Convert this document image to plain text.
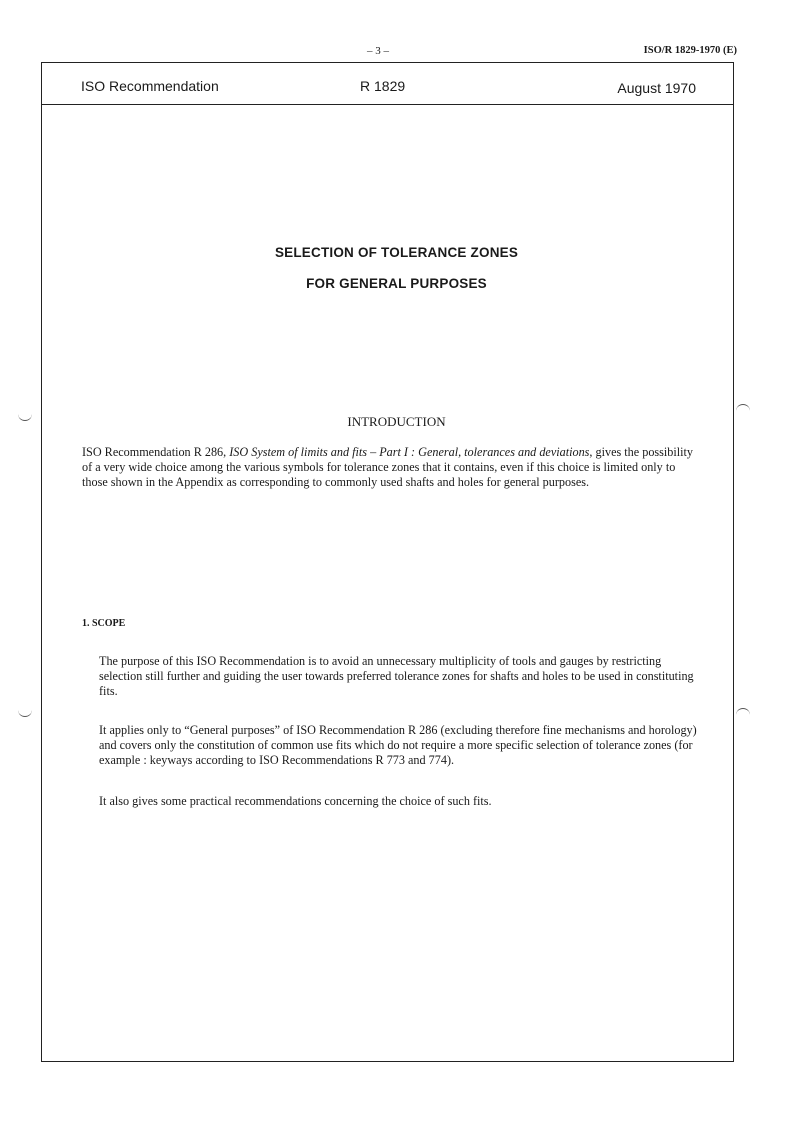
– 3 –	ISO/R 1829-1970 (E)
ISO Recommendation	R 1829	August 1970
SELECTION OF TOLERANCE ZONES
FOR GENERAL PURPOSES
INTRODUCTION
ISO Recommendation R 286, ISO System of limits and fits – Part I : General, tolerances and deviations, gives the possibility of a very wide choice among the various symbols for tolerance zones that it contains, even if this choice is limited only to those shown in the Appendix as corresponding to commonly used shafts and holes for general purposes.
1. SCOPE
The purpose of this ISO Recommendation is to avoid an unnecessary multiplicity of tools and gauges by restricting selection still further and guiding the user towards preferred tolerance zones for shafts and holes to be used in constituting fits.
It applies only to “General purposes” of ISO Recommendation R 286 (excluding therefore fine mechanisms and horology) and covers only the constitution of common use fits which do not require a more specific selection of tolerance zones (for example : keyways according to ISO Recommendations R 773 and 774).
It also gives some practical recommendations concerning the choice of such fits.
